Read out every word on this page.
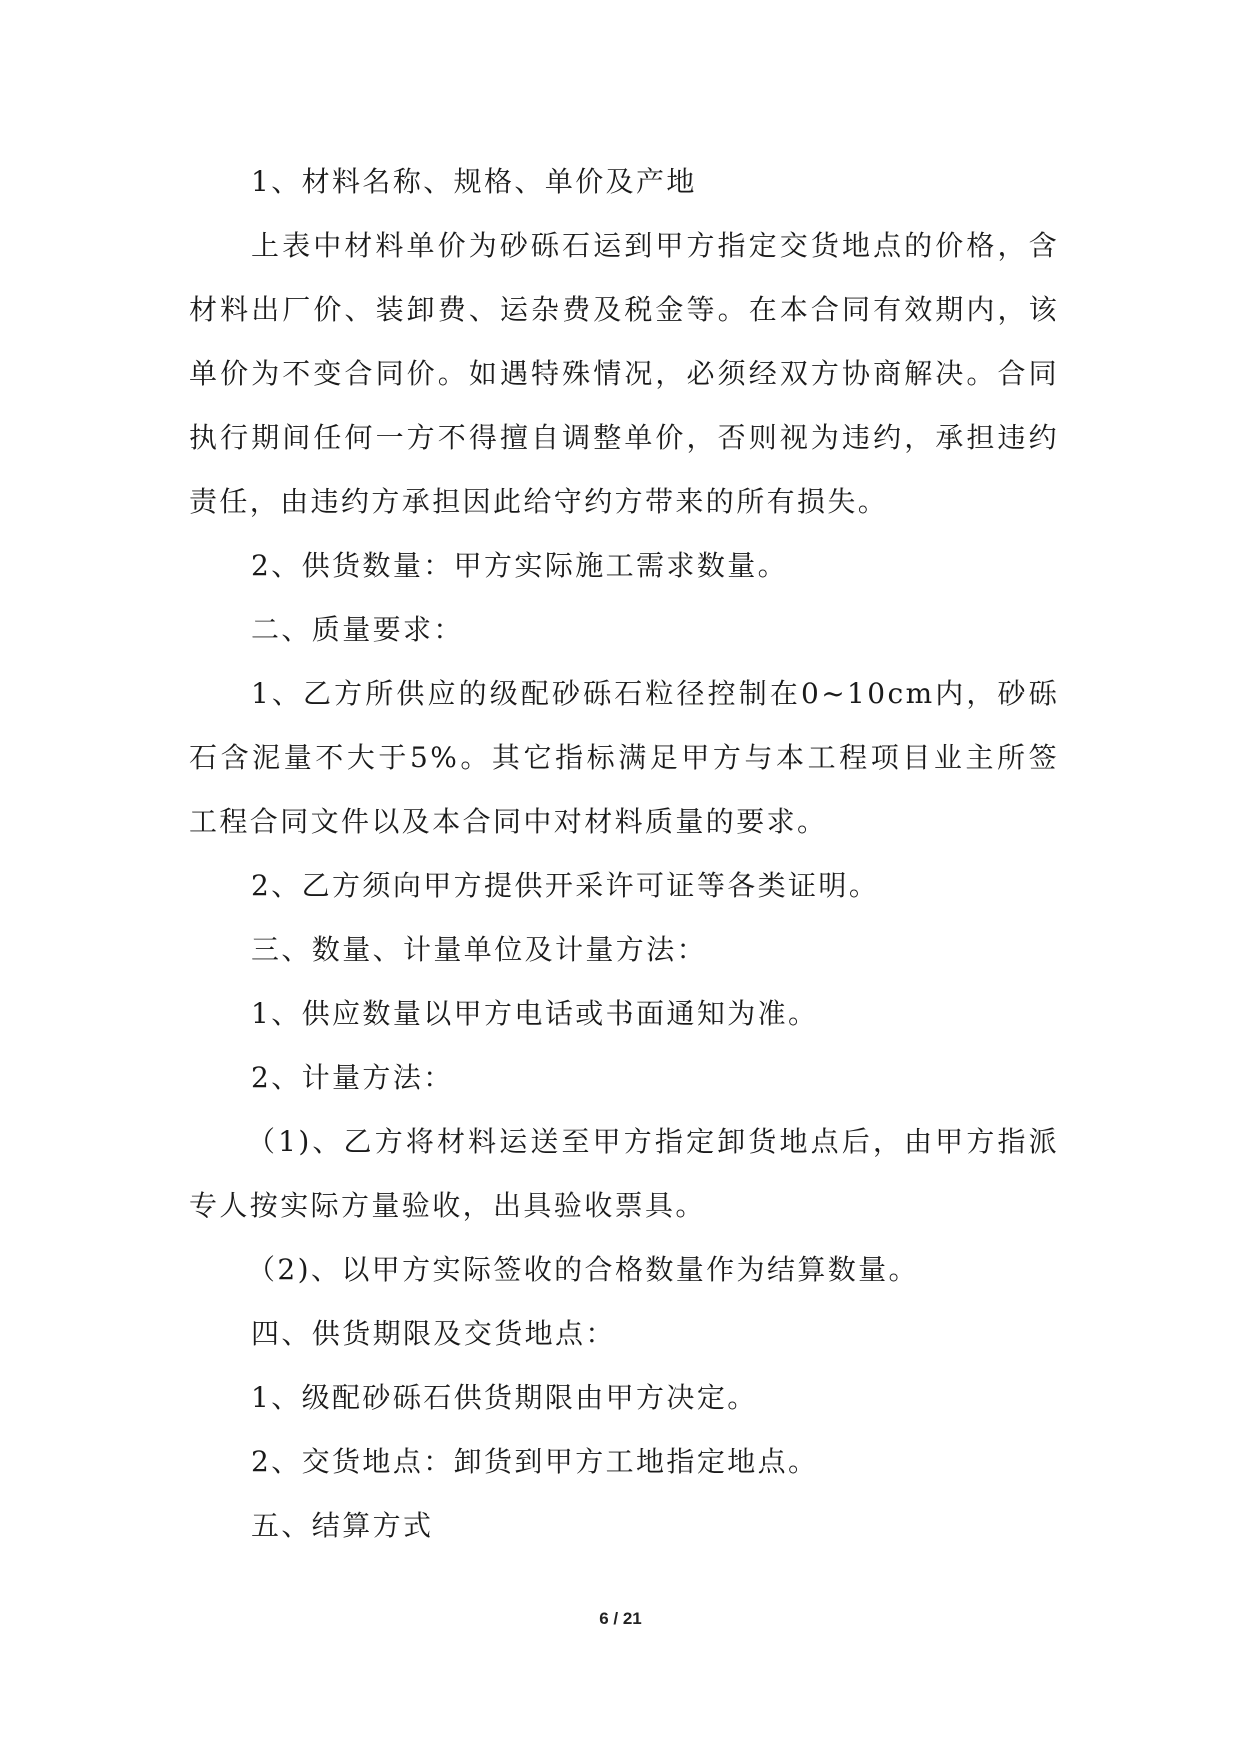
1、材料名称、规格、单价及产地

上表中材料单价为砂砾石运到甲方指定交货地点的价格，含材料出厂价、装卸费、运杂费及税金等。在本合同有效期内，该单价为不变合同价。如遇特殊情况，必须经双方协商解决。合同执行期间任何一方不得擅自调整单价，否则视为违约，承担违约责任，由违约方承担因此给守约方带来的所有损失。

2、供货数量：甲方实际施工需求数量。

二、质量要求：

1、乙方所供应的级配砂砾石粒径控制在0~10cm内，砂砾石含泥量不大于5%。其它指标满足甲方与本工程项目业主所签工程合同文件以及本合同中对材料质量的要求。

2、乙方须向甲方提供开采许可证等各类证明。

三、数量、计量单位及计量方法：

1、供应数量以甲方电话或书面通知为准。

2、计量方法：

（1)、乙方将材料运送至甲方指定卸货地点后，由甲方指派专人按实际方量验收，出具验收票具。

（2)、以甲方实际签收的合格数量作为结算数量。

四、供货期限及交货地点：

1、级配砂砾石供货期限由甲方决定。

2、交货地点：卸货到甲方工地指定地点。

五、结算方式

6 / 21
